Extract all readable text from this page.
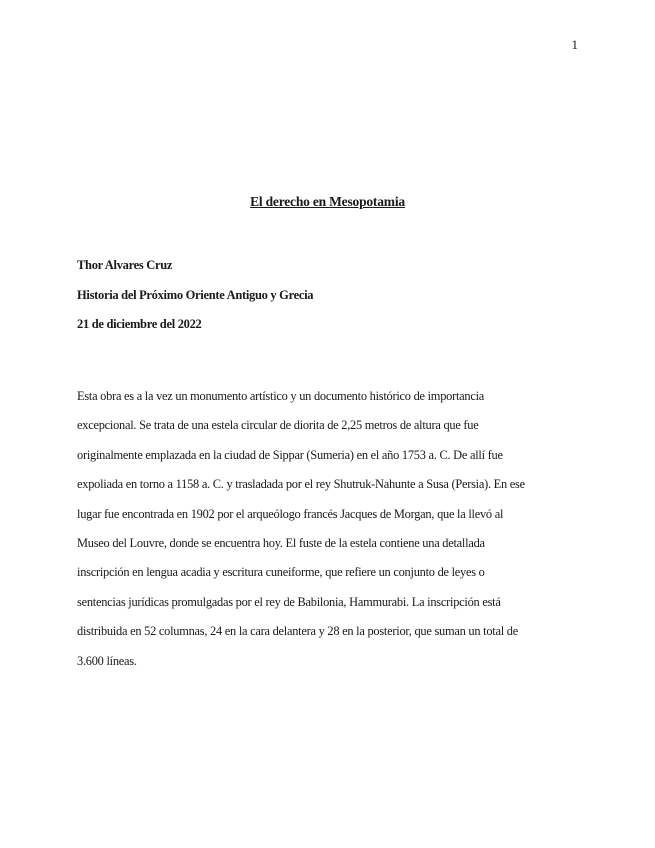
1
El derecho en Mesopotamia
Thor Alvares Cruz
Historia del Próximo Oriente Antiguo y Grecia
21 de diciembre del 2022

Esta obra es a la vez un monumento artístico y un documento histórico de importancia
excepcional. Se trata de una estela circular de diorita de 2,25 metros de altura que fue
originalmente emplazada en la ciudad de Sippar (Sumeria) en el año 1753 a. C. De allí fue
expoliada en torno a 1158 a. C. y trasladada por el rey Shutruk-Nahunte a Susa (Persia). En ese
lugar fue encontrada en 1902 por el arqueólogo francés Jacques de Morgan, que la llevó al
Museo del Louvre, donde se encuentra hoy. El fuste de la estela contiene una detallada
inscripción en lengua acadia y escritura cuneiforme, que refiere un conjunto de leyes o
sentencias jurídicas promulgadas por el rey de Babilonia, Hammurabi. La inscripción está
distribuida en 52 columnas, 24 en la cara delantera y 28 en la posterior, que suman un total de
3.600 líneas.
